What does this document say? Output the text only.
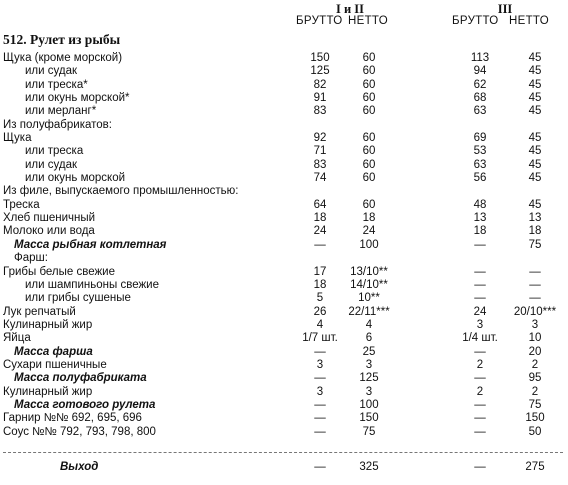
I и II	III
БРУТТО НЕТТО	БРУТТО НЕТТО
512. Рулет из рыбы
Щука (кроме морской)	150	60	113	45
или судак	125	60	94	45
или треска*	82	60	62	45
или окунь морской*	91	60	68	45
или мерланг*	83	60	63	45
Из полуфабрикатов:
Щука	92	60	69	45
или треска	71	60	53	45
или судак	83	60	63	45
или окунь морской	74	60	56	45
Из филе, выпускаемого промышленностью:
Треска	64	60	48	45
Хлеб пшеничный	18	18	13	13
Молоко или вода	24	24	18	18
Масса рыбная котлетная	—	100	—	75
Фарш:
Грибы белые свежие	17	13/10**	—	—
или шампиньоны свежие	18	14/10**	—	—
или грибы сушеные	5	10**	—	—
Лук репчатый	26	22/11***	24	20/10***
Кулинарный жир	4	4	3	3
Яйца	1/7 шт.	6	1/4 шт.	10
Масса фарша	—	25	—	20
Сухари пшеничные	3	3	2	2
Масса полуфабриката	—	125	—	95
Кулинарный жир	3	3	2	2
Масса готового рулета	—	100	—	75
Гарнир №№ 692, 695, 696	—	150	—	150
Соус №№ 792, 793, 798, 800	—	75	—	50
Выход	—	325	—	275
